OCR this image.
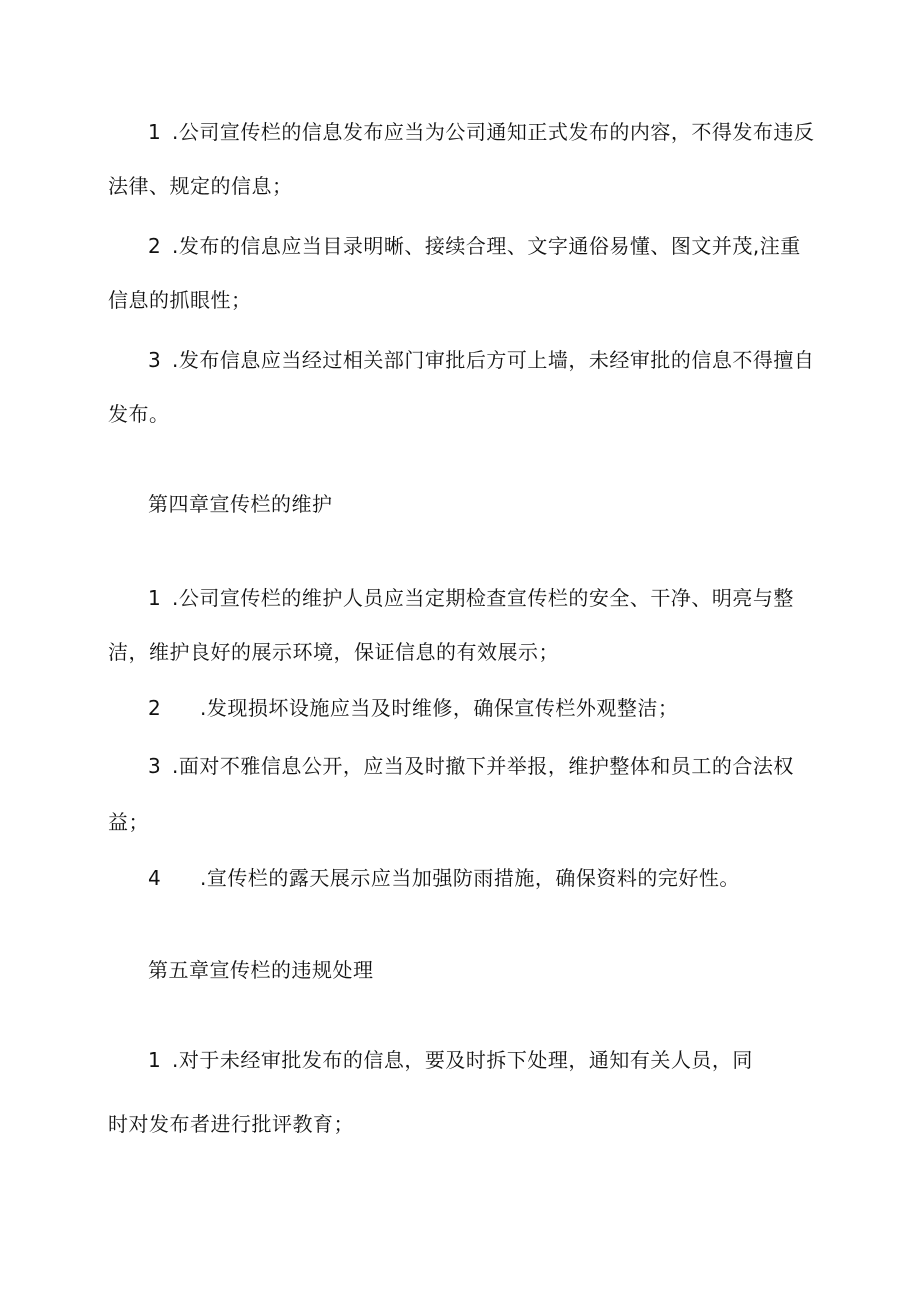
1 .公司宣传栏的信息发布应当为公司通知正式发布的内容，不得发布违反
法律、规定的信息；
2 .发布的信息应当目录明晰、接续合理、文字通俗易懂、图文并茂,注重
信息的抓眼性；
3 .发布信息应当经过相关部门审批后方可上墙，未经审批的信息不得擅自
发布。
第四章宣传栏的维护
1 .公司宣传栏的维护人员应当定期检查宣传栏的安全、干净、明亮与整
洁，维护良好的展示环境，保证信息的有效展示；
2 .发现损坏设施应当及时维修，确保宣传栏外观整洁；
3 .面对不雅信息公开，应当及时撤下并举报，维护整体和员工的合法权
益；
4 .宣传栏的露天展示应当加强防雨措施，确保资料的完好性。
第五章宣传栏的违规处理
1 .对于未经审批发布的信息，要及时拆下处理，通知有关人员，同
时对发布者进行批评教育；
